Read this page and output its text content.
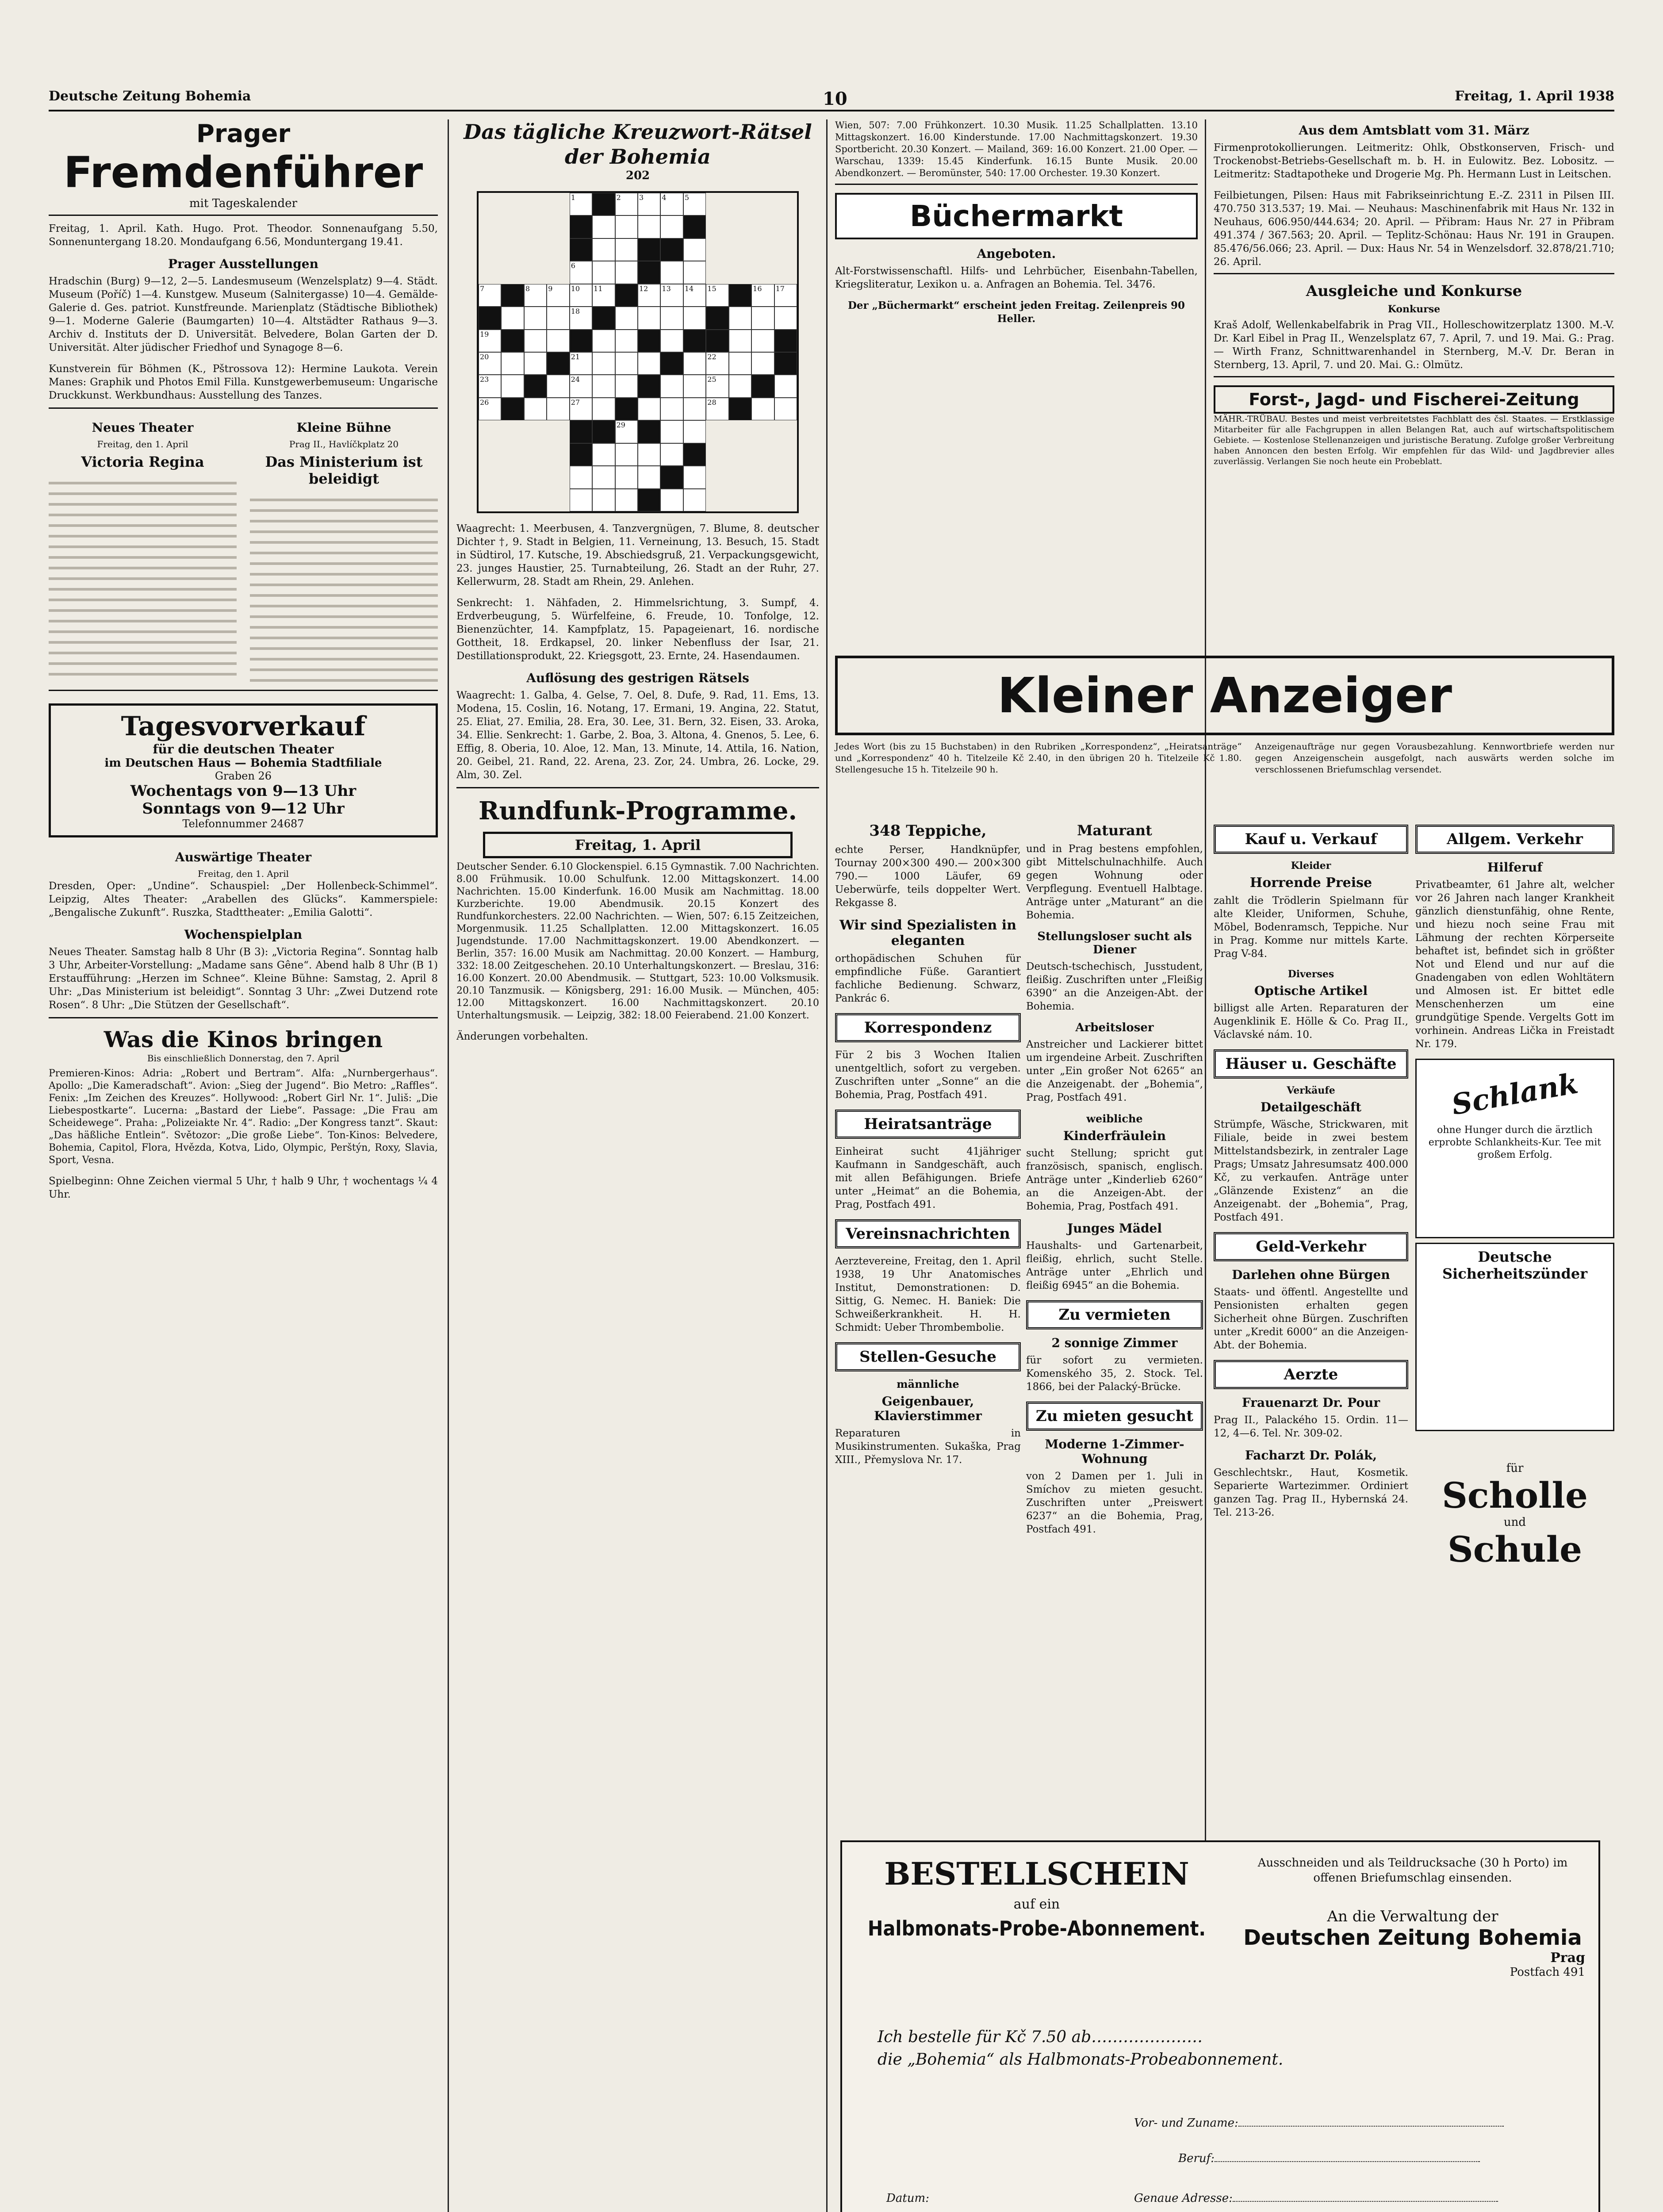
Deutsche Zeitung Bohemia	10	Freitag, 1. April 1938
Prager
Fremdenführer
mit Tageskalender

Freitag, 1. April. Kath. Hugo. Prot. Theodor. Sonnenaufgang 5.50, Sonnenuntergang 18.20. Mondaufgang 6.56, Monduntergang 19.41.

Prager Ausstellungen

Hradschin (Burg) 9—12, 2—5. Landesmuseum (Wenzelsplatz) 9—4. Städt. Museum (Poříč) 1—4. Kunstgew. Museum (Salnitergasse) 10—4. Gemälde-Galerie d. Ges. patriot. Kunstfreunde. Marienplatz (Städtische Bibliothek) 9—1. Moderne Galerie (Baumgarten) 10—4. Altstädter Rathaus 9—3. Archiv d. Instituts der D. Universität. Belvedere, Bolan Garten der D. Universität. Alter jüdischer Friedhof und Synagoge 8—6.

Kunstverein für Böhmen (K., Pštrossova 12): Hermine Laukota. Verein Manes: Graphik und Photos Emil Filla. Kunstgewerbemuseum: Ungarische Druckkunst. Werkbundhaus: Ausstellung des Tanzes.

Neues Theater
Freitag, den 1. April
Victoria Regina
Kleine Bühne
Prag II., Havlíčkplatz 20
Das Ministerium ist beleidigt
Tagesvorverkauf
für die deutschen Theater
im Deutschen Haus — Bohemia Stadtfiliale
Graben 26
Wochentags von 9—13 Uhr
Sonntags von 9—12 Uhr
Telefonnummer 24687
Auswärtige Theater
Freitag, den 1. April

Dresden, Oper: „Undine“. Schauspiel: „Der Hollenbeck-Schimmel“. Leipzig, Altes Theater: „Arabellen des Glücks“. Kammerspiele: „Bengalische Zukunft“. Ruszka, Stadttheater: „Emilia Galotti“.

Wochenspielplan

Neues Theater. Samstag halb 8 Uhr (B 3): „Victoria Regina“. Sonntag halb 3 Uhr, Arbeiter-Vorstellung: „Madame sans Gêne“. Abend halb 8 Uhr (B 1) Erstaufführung: „Herzen im Schnee“. Kleine Bühne: Samstag, 2. April 8 Uhr: „Das Ministerium ist beleidigt“. Sonntag 3 Uhr: „Zwei Dutzend rote Rosen“. 8 Uhr: „Die Stützen der Gesellschaft“.

Was die Kinos bringen
Bis einschließlich Donnerstag, den 7. April

Premieren-Kinos: Adria: „Robert und Bertram“. Alfa: „Nurnbergerhaus“. Apollo: „Die Kameradschaft“. Avion: „Sieg der Jugend“. Bio Metro: „Raffles“. Fenix: „Im Zeichen des Kreuzes“. Hollywood: „Robert Girl Nr. 1“. Juliš: „Die Liebespostkarte“. Lucerna: „Bastard der Liebe“. Passage: „Die Frau am Scheidewege“. Praha: „Polizeiakte Nr. 4“. Radio: „Der Kongress tanzt“. Skaut: „Das häßliche Entlein“. Světozor: „Die große Liebe“. Ton-Kinos: Belvedere, Bohemia, Capitol, Flora, Hvězda, Kotva, Lido, Olympic, Perštýn, Roxy, Slavia, Sport, Vesna.

Spielbeginn: Ohne Zeichen viermal 5 Uhr, † halb 9 Uhr, † wochentags ¼ 4 Uhr.

Das tägliche Kreuzwort-Rätsel der Bohemia
202
1	2	3	4	5
6
7	8	9	10 11	12 13 14 15	16 17
18
19
20	21	22
23	24	25
26	27	28
29

Waagrecht: 1. Meerbusen, 4. Tanzvergnügen, 7. Blume, 8. deutscher Dichter †, 9. Stadt in Belgien, 11. Verneinung, 13. Besuch, 15. Stadt in Südtirol, 17. Kutsche, 19. Abschiedsgruß, 21. Verpackungsgewicht, 23. junges Haustier, 25. Turnabteilung, 26. Stadt an der Ruhr, 27. Kellerwurm, 28. Stadt am Rhein, 29. Anlehen.

Senkrecht: 1. Nähfaden, 2. Himmelsrichtung, 3. Sumpf, 4. Erdverbeugung, 5. Würfelfeine, 6. Freude, 10. Tonfolge, 12. Bienenzüchter, 14. Kampfplatz, 15. Papageienart, 16. nordische Gottheit, 18. Erdkapsel, 20. linker Nebenfluss der Isar, 21. Destillationsprodukt, 22. Kriegsgott, 23. Ernte, 24. Hasendaumen.

Auflösung des gestrigen Rätsels

Waagrecht: 1. Galba, 4. Gelse, 7. Oel, 8. Dufe, 9. Rad, 11. Ems, 13. Modena, 15. Coslin, 16. Notang, 17. Ermani, 19. Angina, 22. Statut, 25. Eliat, 27. Emilia, 28. Era, 30. Lee, 31. Bern, 32. Eisen, 33. Aroka, 34. Ellie. Senkrecht: 1. Garbe, 2. Boa, 3. Altona, 4. Gnenos, 5. Lee, 6. Effig, 8. Oberia, 10. Aloe, 12. Man, 13. Minute, 14. Attila, 16. Nation, 20. Geibel, 21. Rand, 22. Arena, 23. Zor, 24. Umbra, 26. Locke, 29. Alm, 30. Zel.

Rundfunk-Programme.
Freitag, 1. April

Deutscher Sender. 6.10 Glockenspiel. 6.15 Gymnastik. 7.00 Nachrichten. 8.00 Frühmusik. 10.00 Schulfunk. 12.00 Mittagskonzert. 14.00 Nachrichten. 15.00 Kinderfunk. 16.00 Musik am Nachmittag. 18.00 Kurzberichte. 19.00 Abendmusik. 20.15 Konzert des Rundfunkorchesters. 22.00 Nachrichten. — Wien, 507: 6.15 Zeitzeichen, Morgenmusik. 11.25 Schallplatten. 12.00 Mittagskonzert. 16.05 Jugendstunde. 17.00 Nachmittagskonzert. 19.00 Abendkonzert. — Berlin, 357: 16.00 Musik am Nachmittag. 20.00 Konzert. — Hamburg, 332: 18.00 Zeitgeschehen. 20.10 Unterhaltungskonzert. — Breslau, 316: 16.00 Konzert. 20.00 Abendmusik. — Stuttgart, 523: 10.00 Volksmusik. 20.10 Tanzmusik. — Königsberg, 291: 16.00 Musik. — München, 405: 12.00 Mittagskonzert. 16.00 Nachmittagskonzert. 20.10 Unterhaltungsmusik. — Leipzig, 382: 18.00 Feierabend. 21.00 Konzert.

Änderungen vorbehalten.

Wien, 507: 7.00 Frühkonzert. 10.30 Musik. 11.25 Schallplatten. 13.10 Mittagskonzert. 16.00 Kinderstunde. 17.00 Nachmittagskonzert. 19.30 Sportbericht. 20.30 Konzert. — Mailand, 369: 16.00 Konzert. 21.00 Oper. — Warschau, 1339: 15.45 Kinderfunk. 16.15 Bunte Musik. 20.00 Abendkonzert. — Beromünster, 540: 17.00 Orchester. 19.30 Konzert.

Büchermarkt
Angeboten.

Alt-Forstwissenschaftl. Hilfs- und Lehrbücher, Eisenbahn-Tabellen, Kriegsliteratur, Lexikon u. a. Anfragen an Bohemia. Tel. 3476.

Der „Büchermarkt“ erscheint jeden Freitag. Zeilenpreis 90 Heller.

Kleiner Anzeiger

Jedes Wort (bis zu 15 Buchstaben) in den Rubriken „Korrespondenz“, „Heiratsanträge“ und „Korrespondenz“ 40 h. Titelzeile Kč 2.40, in den übrigen 20 h. Titelzeile Kč 1.80. Stellengesuche 15 h. Titelzeile 90 h.

Anzeigenaufträge nur gegen Vorausbezahlung. Kennwortbriefe werden nur gegen Anzeigenschein ausgefolgt, nach auswärts werden solche im verschlossenen Briefumschlag versendet.

348 Teppiche,

echte Perser, Handknüpfer, Tournay 200×300 490.— 200×300 790.— 1000 Läufer, 69 Ueberwürfe, teils doppelter Wert. Rekgasse 8.

Wir sind Spezialisten in eleganten

orthopädischen Schuhen für empfindliche Füße. Garantiert fachliche Bedienung. Schwarz, Pankrác 6.

Korrespondenz

Für 2 bis 3 Wochen Italien unentgeltlich, sofort zu vergeben. Zuschriften unter „Sonne“ an die Bohemia, Prag, Postfach 491.

Heiratsanträge

Einheirat sucht 41jähriger Kaufmann in Sandgeschäft, auch mit allen Befähigungen. Briefe unter „Heimat“ an die Bohemia, Prag, Postfach 491.

Vereinsnachrichten

Aerztevereine, Freitag, den 1. April 1938, 19 Uhr Anatomisches Institut, Demonstrationen: D. Sittig, G. Nemec. H. Baniek: Die Schweißerkrankheit. H. H. Schmidt: Ueber Thrombembolie.

Stellen-Gesuche
männliche
Geigenbauer, Klavierstimmer

Reparaturen in Musikinstrumenten. Sukaška, Prag XIII., Přemyslova Nr. 17.

Maturant

und in Prag bestens empfohlen, gibt Mittelschulnachhilfe. Auch gegen Wohnung oder Verpflegung. Eventuell Halbtage. Anträge unter „Maturant“ an die Bohemia.

Stellungsloser sucht als Diener

Deutsch-tschechisch, Jusstudent, fleißig. Zuschriften unter „Fleißig 6390“ an die Anzeigen-Abt. der Bohemia.

Arbeitsloser

Anstreicher und Lackierer bittet um irgendeine Arbeit. Zuschriften unter „Ein großer Not 6265“ an die Anzeigenabt. der „Bohemia“, Prag, Postfach 491.

weibliche
Kinderfräulein

sucht Stellung; spricht gut französisch, spanisch, englisch. Anträge unter „Kinderlieb 6260“ an die Anzeigen-Abt. der Bohemia, Prag, Postfach 491.

Junges Mädel

Haushalts- und Gartenarbeit, fleißig, ehrlich, sucht Stelle. Anträge unter „Ehrlich und fleißig 6945“ an die Bohemia.

Zu vermieten
2 sonnige Zimmer

für sofort zu vermieten. Komenského 35, 2. Stock. Tel. 1866, bei der Palacký-Brücke.

Zu mieten gesucht
Moderne 1-Zimmer-Wohnung

von 2 Damen per 1. Juli in Smíchov zu mieten gesucht. Zuschriften unter „Preiswert 6237“ an die Bohemia, Prag, Postfach 491.

Aus dem Amtsblatt vom 31. März

Firmenprotokollierungen. Leitmeritz: Ohlk, Obstkonserven, Frisch- und Trockenobst-Betriebs-Gesellschaft m. b. H. in Eulowitz. Bez. Lobositz. — Leitmeritz: Stadtapotheke und Drogerie Mg. Ph. Hermann Lust in Leitschen.

Feilbietungen, Pilsen: Haus mit Fabrikseinrichtung E.-Z. 2311 in Pilsen III. 470.750 313.537; 19. Mai. — Neuhaus: Maschinenfabrik mit Haus Nr. 132 in Neuhaus, 606.950/444.634; 20. April. — Přibram: Haus Nr. 27 in Přibram 491.374 / 367.563; 20. April. — Teplitz-Schönau: Haus Nr. 191 in Graupen. 85.476/56.066; 23. April. — Dux: Haus Nr. 54 in Wenzelsdorf. 32.878/21.710; 26. April.

Ausgleiche und Konkurse
Konkurse

Kraš Adolf, Wellenkabelfabrik in Prag VII., Holleschowitzerplatz 1300. M.-V. Dr. Karl Eibel in Prag II., Wenzelsplatz 67, 7. April, 7. und 19. Mai. G.: Prag. — Wirth Franz, Schnittwarenhandel in Sternberg, M.-V. Dr. Beran in Sternberg, 13. April, 7. und 20. Mai. G.: Olmütz.

Forst-, Jagd- und Fischerei-Zeitung

MÄHR.-TRÜBAU. Bestes und meist verbreitetstes Fachblatt des čsl. Staates. — Erstklassige Mitarbeiter für alle Fachgruppen in allen Belangen Rat, auch auf wirtschaftspolitischem Gebiete. — Kostenlose Stellenanzeigen und juristische Beratung. Zufolge großer Verbreitung haben Annoncen den besten Erfolg. Wir empfehlen für das Wild- und Jagdbrevier alles zuverlässig. Verlangen Sie noch heute ein Probeblatt.

Kauf u. Verkauf
Kleider
Horrende Preise

zahlt die Trödlerin Spielmann für alte Kleider, Uniformen, Schuhe, Möbel, Bodenramsch, Teppiche. Nur in Prag. Komme nur mittels Karte. Prag V-84.

Diverses
Optische Artikel

billigst alle Arten. Reparaturen der Augenklinik E. Hölle & Co. Prag II., Václavské nám. 10.

Häuser u. Geschäfte
Verkäufe
Detailgeschäft

Strümpfe, Wäsche, Strickwaren, mit Filiale, beide in zwei bestem Mittelstandsbezirk, in zentraler Lage Prags; Umsatz Jahresumsatz 400.000 Kč, zu verkaufen. Anträge unter „Glänzende Existenz“ an die Anzeigenabt. der „Bohemia“, Prag, Postfach 491.

Geld-Verkehr
Darlehen ohne Bürgen

Staats- und öffentl. Angestellte und Pensionisten erhalten gegen Sicherheit ohne Bürgen. Zuschriften unter „Kredit 6000“ an die Anzeigen-Abt. der Bohemia.

Aerzte
Frauenarzt Dr. Pour

Prag II., Palackého 15. Ordin. 11—12, 4—6. Tel. Nr. 309-02.

Facharzt Dr. Polák,

Geschlechtskr., Haut, Kosmetik. Separierte Wartezimmer. Ordiniert ganzen Tag. Prag II., Hybernská 24. Tel. 213-26.

Allgem. Verkehr
Hilferuf

Privatbeamter, 61 Jahre alt, welcher vor 26 Jahren nach langer Krankheit gänzlich dienstunfähig, ohne Rente, und hiezu noch seine Frau mit Lähmung der rechten Körperseite behaftet ist, befindet sich in größter Not und Elend und nur auf die Gnadengaben von edlen Wohltätern und Almosen ist. Er bittet edle Menschenherzen um eine grundgütige Spende. Vergelts Gott im vorhinein. Andreas Lička in Freistadt Nr. 179.

Schlank
ohne Hunger durch die ärztlich erprobte Schlankheits-Kur. Tee mit großem Erfolg.
Deutsche Sicherheitszünder
für
Scholle
und
Schule
BESTELLSCHEIN
auf ein
Halbmonats-Probe-Abonnement.
Ausschneiden und als Teildrucksache (30 h Porto) im offenen Briefumschlag einsenden.
An die Verwaltung der
Deutschen Zeitung Bohemia
Prag
Postfach 491
Ich bestelle für Kč 7.50 ab…………………
die „Bohemia“ als Halbmonats-Probeabonnement.
Vor- und Zuname:
Beruf:
Datum:	Genaue Adresse:
